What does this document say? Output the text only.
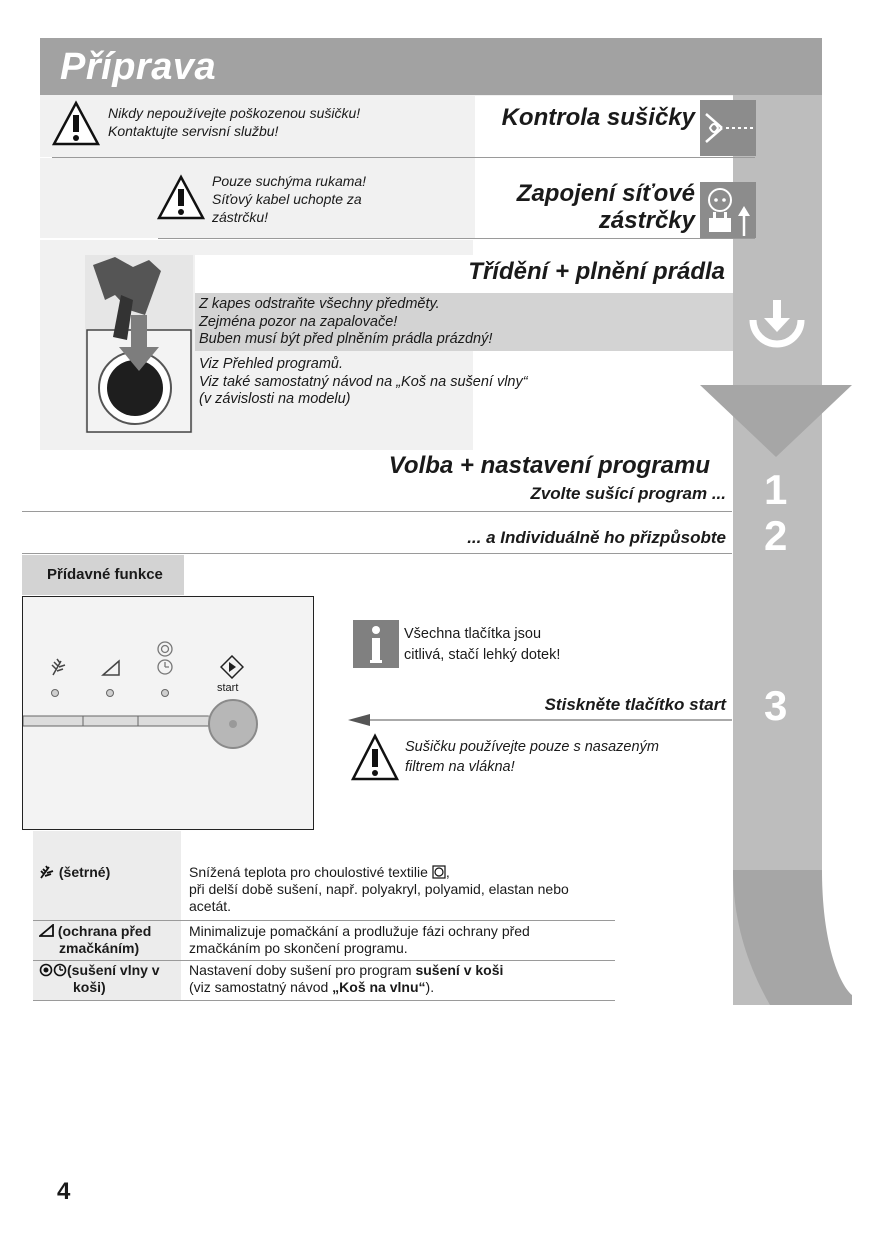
Příprava
Nikdy nepoužívejte poškozenou sušičku!
Kontaktujte servisní službu!	Kontrola sušičky
Pouze suchýma rukama!
Síťový kabel uchopte za
zástrčku!
Zapojení síťové
zástrčky
Třídění + plnění prádla
Z kapes odstraňte všechny předměty.
Zejména pozor na zapalovače!
Buben musí být před plněním prádla prázdný!
Viz Přehled programů.
Viz také samostatný návod na „Koš na sušení vlny“
(v závislosti na modelu)
Volba + nastavení programu
Zvolte sušící program ...
... a Individuálně ho přizpůsobte
1
2
Přídavné funkce
start
Všechna tlačítka jsou
citlivá, stačí lehký dotek!
Stiskněte tlačítko start 3
Sušičku používejte pouze s nasazeným
filtrem na vlákna!
(šetrné)	Snížená teplota pro choulostivé textilie ,
při delší době sušení, např. polyakryl, polyamid, elastan nebo
acetát.
(ochrana před
zmačkáním)
Minimalizuje pomačkání a prodlužuje fázi ochrany před
zmačkáním po skončení programu.
(sušení vlny v
koši)
Nastavení doby sušení pro program sušení v koši
(viz samostatný návod „Koš na vlnu“).
4
